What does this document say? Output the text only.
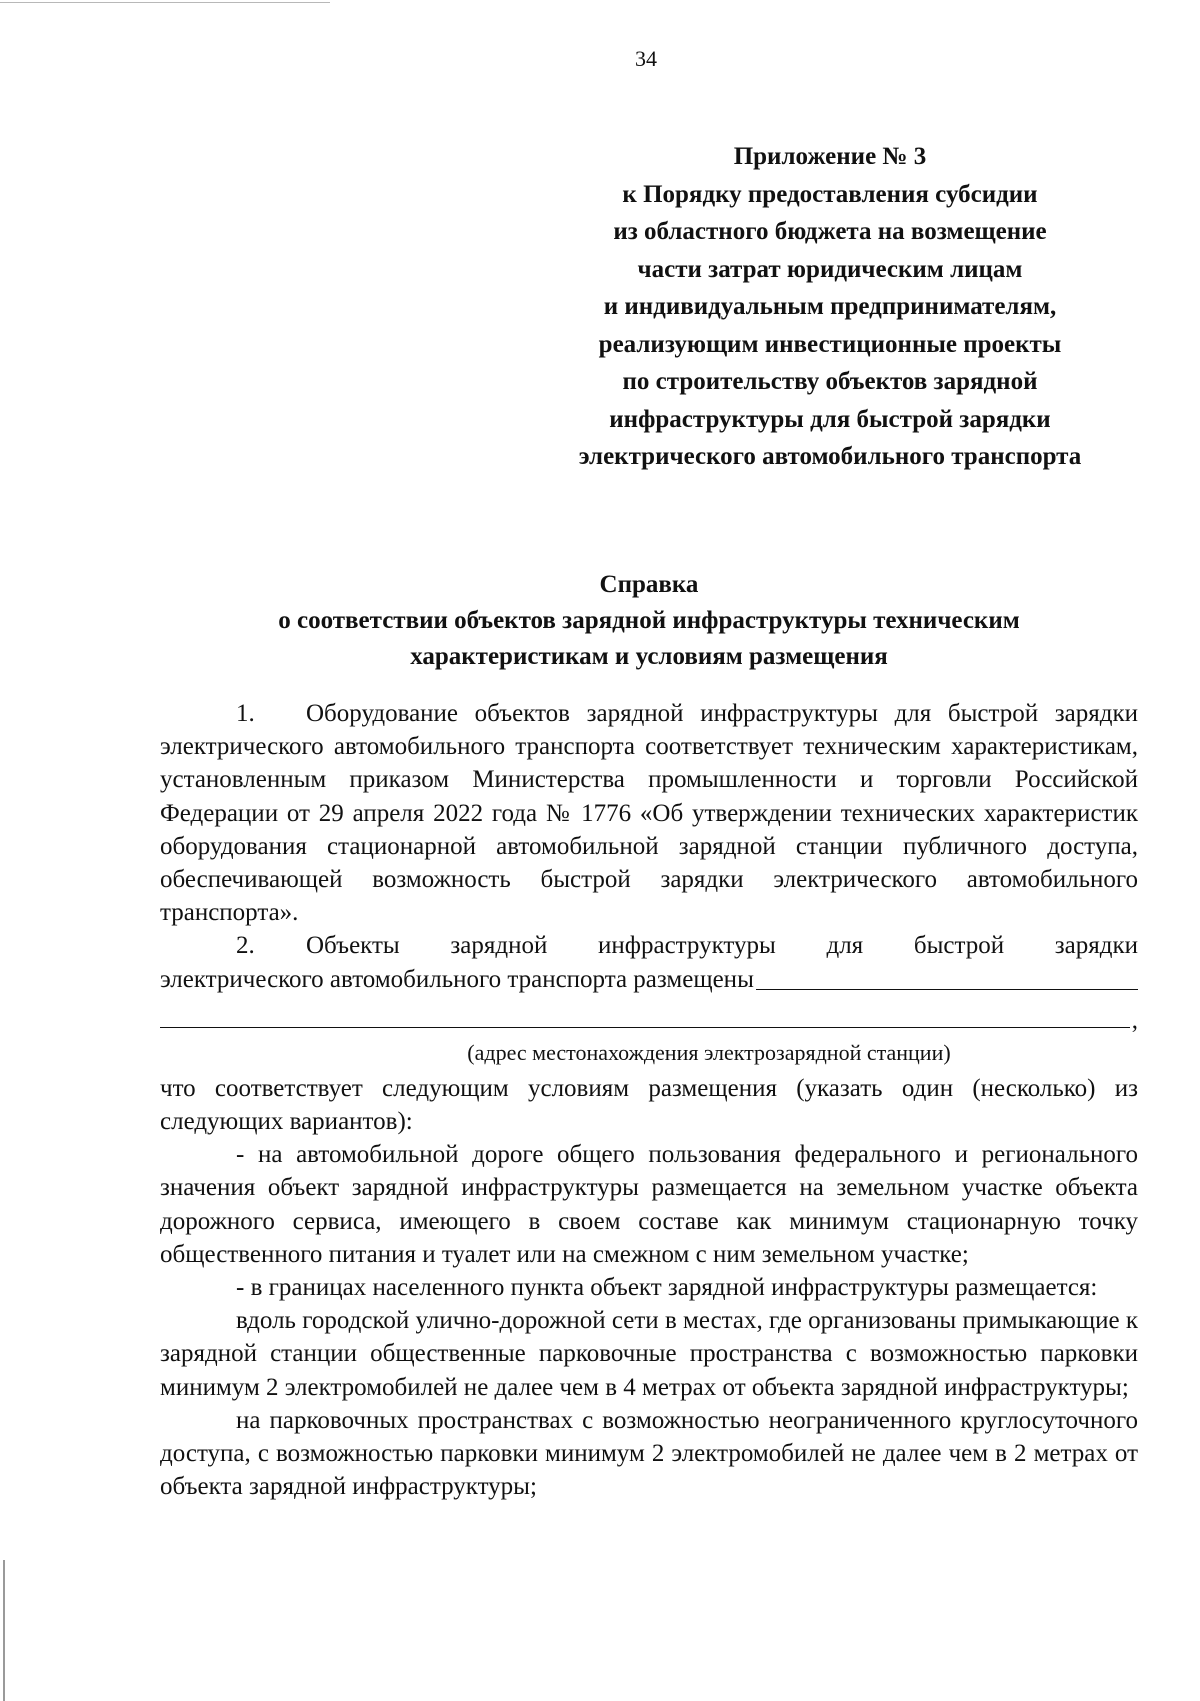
34
Приложение № 3
к Порядку предоставления субсидии
из областного бюджета на возмещение
части затрат юридическим лицам
и индивидуальным предпринимателям,
реализующим инвестиционные проекты
по строительству объектов зарядной
инфраструктуры для быстрой зарядки
электрического автомобильного транспорта
Справка
о соответствии объектов зарядной инфраструктуры техническим
характеристикам и условиям размещения

1. Оборудование объектов зарядной инфраструктуры для быстрой зарядки электрического автомобильного транспорта соответствует техническим характеристикам, установленным приказом Министерства промышленности и торговли Российской Федерации от 29 апреля 2022 года № 1776 «Об утверждении технических характеристик оборудования стационарной автомобильной зарядной станции публичного доступа, обеспечивающей возможность быстрой зарядки электрического автомобильного транспорта».

2. Объекты зарядной инфраструктуры для быстрой зарядки

электрического автомобильного транспорта размещены
,
(адрес местонахождения электрозарядной станции)

что соответствует следующим условиям размещения (указать один (несколько) из следующих вариантов):

- на автомобильной дороге общего пользования федерального и регионального значения объект зарядной инфраструктуры размещается на земельном участке объекта дорожного сервиса, имеющего в своем составе как минимум стационарную точку общественного питания и туалет или на смежном с ним земельном участке;

- в границах населенного пункта объект зарядной инфраструктуры размещается:

вдоль городской улично-дорожной сети в местах, где организованы примыкающие к зарядной станции общественные парковочные пространства с возможностью парковки минимум 2 электромобилей не далее чем в 4 метрах от объекта зарядной инфраструктуры;

на парковочных пространствах с возможностью неограниченного круглосуточного доступа, с возможностью парковки минимум 2 электромобилей не далее чем в 2 метрах от объекта зарядной инфраструктуры;
